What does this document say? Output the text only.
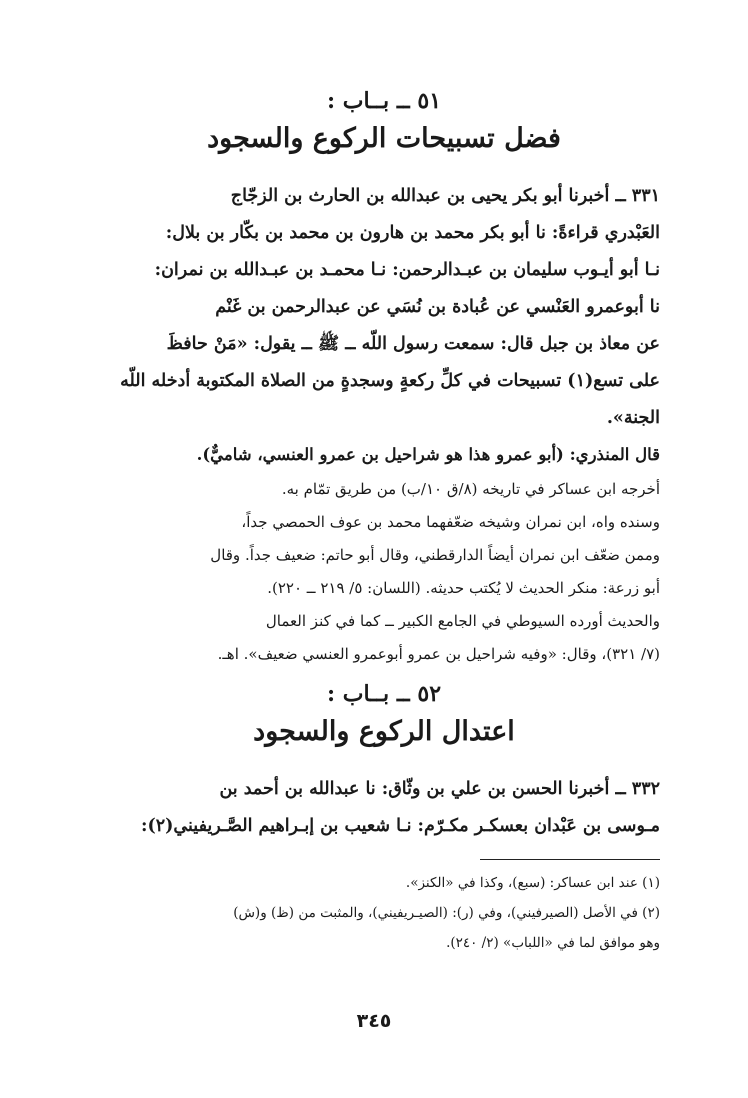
٥١ ــ بــاب :
فضل تسبيحات الركوع والسجود

٣٣١ ــ أخبرنا أبو بكر يحيى بن عبدالله بن الحارث بن الزجّاج

العَبْدري قراءةً: نا أبو بكر محمد بن هارون بن محمد بن بكّار بن بلال:

نـا أبو أيـوب سليمان بن عبـدالرحمن: نـا محمـد بن عبـدالله بن نمران:

نا أبوعمرو العَنْسي عن عُبادة بن نُسَي عن عبدالرحمن بن غَنْم

عن معاذ بن جبل قال: سمعت رسول اللّه ــ ﷺ ــ يقول: «مَنْ حافظَ

على تسع(١) تسبيحات في كلِّ ركعةٍ وسجدةٍ من الصلاة المكتوبة أدخله اللّه

الجنة».

قال المنذري: (أبو عمرو هذا هو شراحيل بن عمرو العنسي، شاميٌّ).

أخرجه ابن عساكر في تاريخه (٨/ق ١٠/ب) من طريق تمّام به.

وسنده واه، ابن نمران وشيخه ضعّفهما محمد بن عوف الحمصي جداً،

وممن ضعّف ابن نمران أيضاً الدارقطني، وقال أبو حاتم: ضعيف جداً. وقال

أبو زرعة: منكر الحديث لا يُكتب حديثه. (اللسان: ٥/ ٢١٩ ــ ٢٢٠).

والحديث أورده السيوطي في الجامع الكبير ــ كما في كنز العمال

(٧/ ٣٢١)، وقال: «وفيه شراحيل بن عمرو أبوعمرو العنسي ضعيف». اهـ.

٥٢ ــ بــاب :
اعتدال الركوع والسجود

٣٣٢ ــ أخبرنا الحسن بن علي بن وثّاق: نا عبدالله بن أحمد بن

مـوسى بن عَبْدان بعسكـر مكـرّم: نـا شعيب بن إبـراهيم الصَّـريفيني(٢):

(١) عند ابن عساكر: (سبع)، وكذا في «الكنز».

(٢) في الأصل (الصيرفيني)، وفي (ر): (الصيـريفيني)، والمثبت من (ظ) و(ش)

وهو موافق لما في «اللباب» (٢/ ٢٤٠).

٣٤٥
